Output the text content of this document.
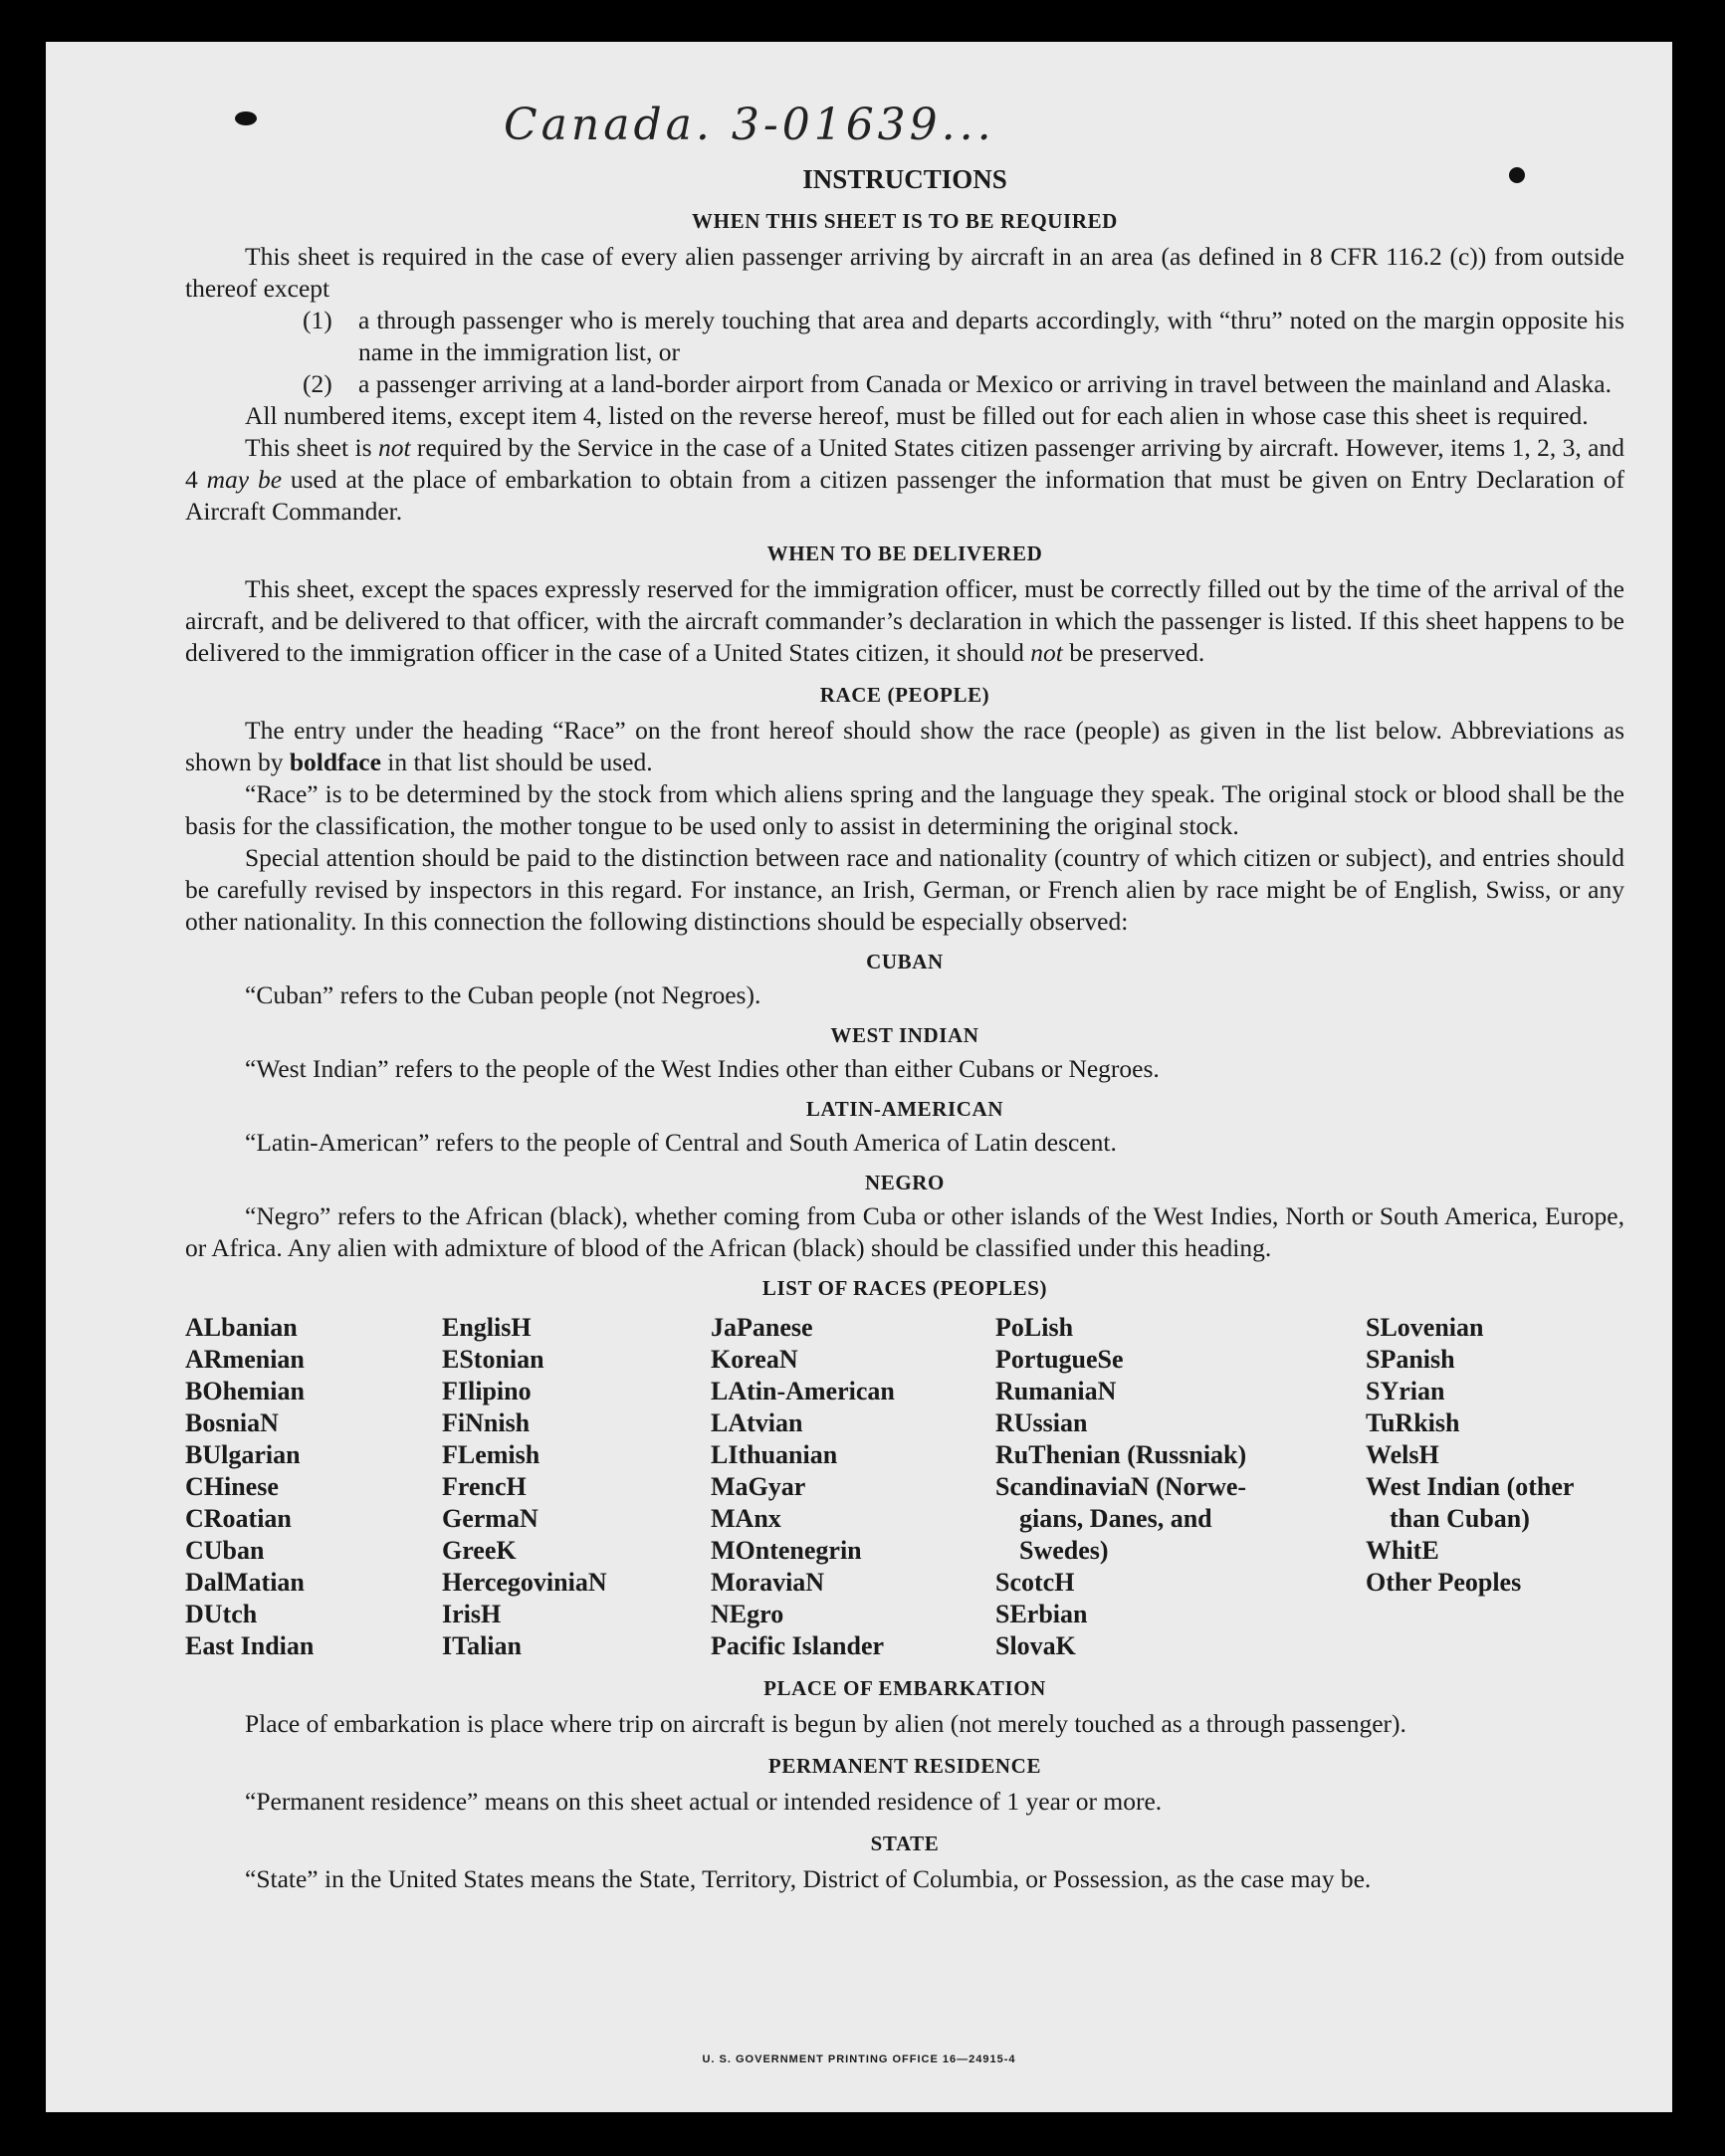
Canada. 3-01639...
INSTRUCTIONS
WHEN THIS SHEET IS TO BE REQUIRED

This sheet is required in the case of every alien passenger arriving by aircraft in an area (as defined in 8 CFR 116.2 (c)) from outside thereof except

(1)	a through passenger who is merely touching that area and departs accordingly, with “thru” noted on the margin opposite his name in the immigration list, or
(2)	a passenger arriving at a land-border airport from Canada or Mexico or arriving in travel between the mainland and Alaska.

All numbered items, except item 4, listed on the reverse hereof, must be filled out for each alien in whose case this sheet is required.

This sheet is not required by the Service in the case of a United States citizen passenger arriving by aircraft. However, items 1, 2, 3, and 4 may be used at the place of embarkation to obtain from a citizen passenger the information that must be given on Entry Declaration of Aircraft Commander.

WHEN TO BE DELIVERED

This sheet, except the spaces expressly reserved for the immigration officer, must be correctly filled out by the time of the arrival of the aircraft, and be delivered to that officer, with the aircraft commander’s declaration in which the passenger is listed. If this sheet happens to be delivered to the immigration officer in the case of a United States citizen, it should not be preserved.

RACE (PEOPLE)

The entry under the heading “Race” on the front hereof should show the race (people) as given in the list below. Abbreviations as shown by boldface in that list should be used.

“Race” is to be determined by the stock from which aliens spring and the language they speak. The original stock or blood shall be the basis for the classification, the mother tongue to be used only to assist in determining the original stock.

Special attention should be paid to the distinction between race and nationality (country of which citizen or subject), and entries should be carefully revised by inspectors in this regard. For instance, an Irish, German, or French alien by race might be of English, Swiss, or any other nationality. In this connection the following distinctions should be especially observed:

CUBAN

“Cuban” refers to the Cuban people (not Negroes).

WEST INDIAN

“West Indian” refers to the people of the West Indies other than either Cubans or Negroes.

LATIN-AMERICAN

“Latin-American” refers to the people of Central and South America of Latin descent.

NEGRO

“Negro” refers to the African (black), whether coming from Cuba or other islands of the West Indies, North or South America, Europe, or Africa. Any alien with admixture of blood of the African (black) should be classified under this heading.

LIST OF RACES (PEOPLES)
ALbanian
ARmenian
BOhemian
BosniaN
BUlgarian
CHinese
CRoatian
CUban
DalMatian
DUtch
East Indian
EnglisH
EStonian
FIlipino
FiNnish
FLemish
FrencH
GermaN
GreeK
HercegoviniaN
IrisH
ITalian
JaPanese
KoreaN
LAtin-American
LAtvian
LIthuanian
MaGyar
MAnx
MOntenegrin
MoraviaN
NEgro
Pacific Islander
PoLish
PortugueSe
RumaniaN
RUssian
RuThenian (Russniak)
ScandinaviaN (Norwe-
gians, Danes, and
Swedes)
ScotcH
SErbian
SlovaK
SLovenian
SPanish
SYrian
TuRkish
WelsH
West Indian (other
than Cuban)
WhitE
Other Peoples
PLACE OF EMBARKATION

Place of embarkation is place where trip on aircraft is begun by alien (not merely touched as a through passenger).

PERMANENT RESIDENCE

“Permanent residence” means on this sheet actual or intended residence of 1 year or more.

STATE

“State” in the United States means the State, Territory, District of Columbia, or Possession, as the case may be.

U. S. GOVERNMENT PRINTING OFFICE 16—24915-4
